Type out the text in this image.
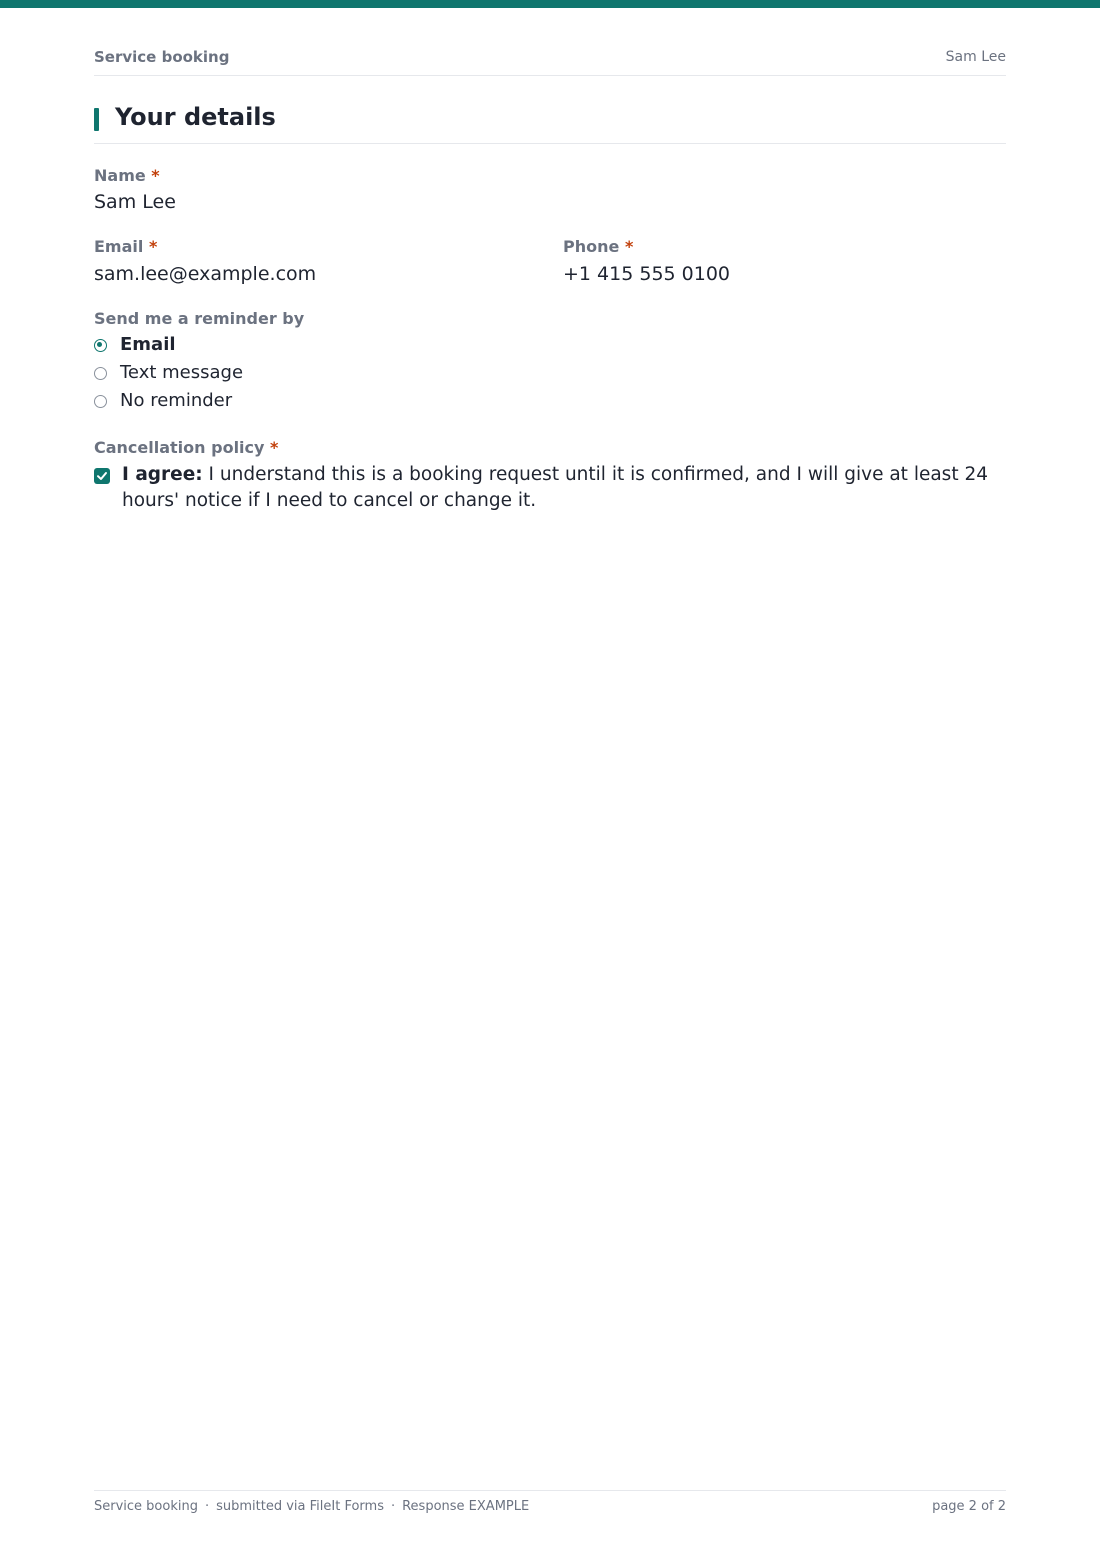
Service booking	Sam Lee
Your details
Name *
Sam Lee
Email *
sam.lee@example.com
Phone *
+1 415 555 0100
Send me a reminder by
Email
Text message
No reminder
Cancellation policy *
I agree: I understand this is a booking request until it is confirmed, and I will give at least 24 hours' notice if I need to cancel or change it.
Service booking · submitted via FileIt Forms · Response EXAMPLE	page 2 of 2
